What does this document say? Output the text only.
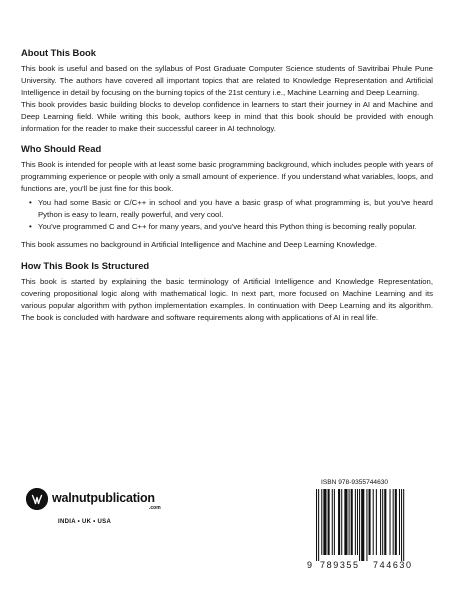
About This Book

This book is useful and based on the syllabus of Post Graduate Computer Science students of Savitribai Phule Pune University. The authors have covered all important topics that are related to Knowledge Representation and Artificial Intelligence in detail by focusing on the burning topics of the 21st century i.e., Machine Learning and Deep Learning.

This book provides basic building blocks to develop confidence in learners to start their journey in AI and Machine and Deep Learning field. While writing this book, authors keep in mind that this book should be provided with enough information for the reader to make their successful career in AI technology.

Who Should Read

This Book is intended for people with at least some basic programming background, which includes people with years of programming experience or people with only a small amount of experience. If you understand what variables, loops, and functions are, you'll be just fine for this book.

• You had some Basic or C/C++ in school and you have a basic grasp of what programming is, but you've heard Python is easy to learn, really powerful, and very cool.
• You've programmed C and C++ for many years, and you've heard this Python thing is becoming really popular.

This book assumes no background in Artificial Intelligence and Machine and Deep Learning Knowledge.

How This Book Is Structured

This book is started by explaining the basic terminology of Artificial Intelligence and Knowledge Representation, covering propositional logic along with mathematical logic. In next part, more focused on Machine Learning and its various popular algorithm with python implementation examples. In continuation with Deep Learning and its algorithm. The book is concluded with hardware and software requirements along with applications of AI in real life.

walnutpublication
.com
INDIA • UK • USA
ISBN 978-9355744630
9 789355 744630
